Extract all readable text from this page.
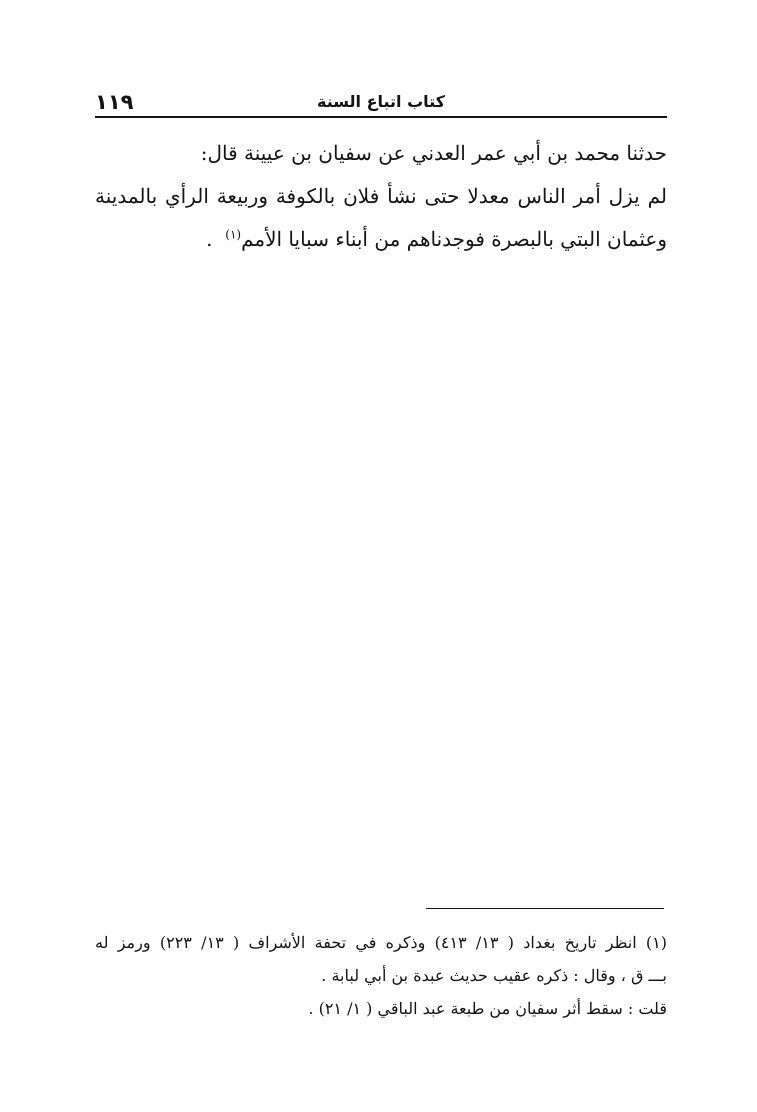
١١٩	كتاب اتباع السنة
حدثنا محمد بن أبي عمر العدني عن سفيان بن عيينة قال:
لم يزل أمر الناس معدلا حتى نشأ فلان بالكوفة وربيعة الرأي بالمدينة
وعثمان البتي بالبصرة فوجدناهم من أبناء سبايا الأمم$^{(١)}$  .
(١) انظر تاريخ بغداد ( ١٣/ ٤١٣) وذكره في تحفة الأشراف ( ١٣/ ٢٢٣) ورمز له
بـــ ق ، وقال : ذكره عقيب حديث عبدة بن أبي لبابة .
قلت : سقط أثر سفيان من طبعة عبد الباقي ( ١/ ٢١) .
